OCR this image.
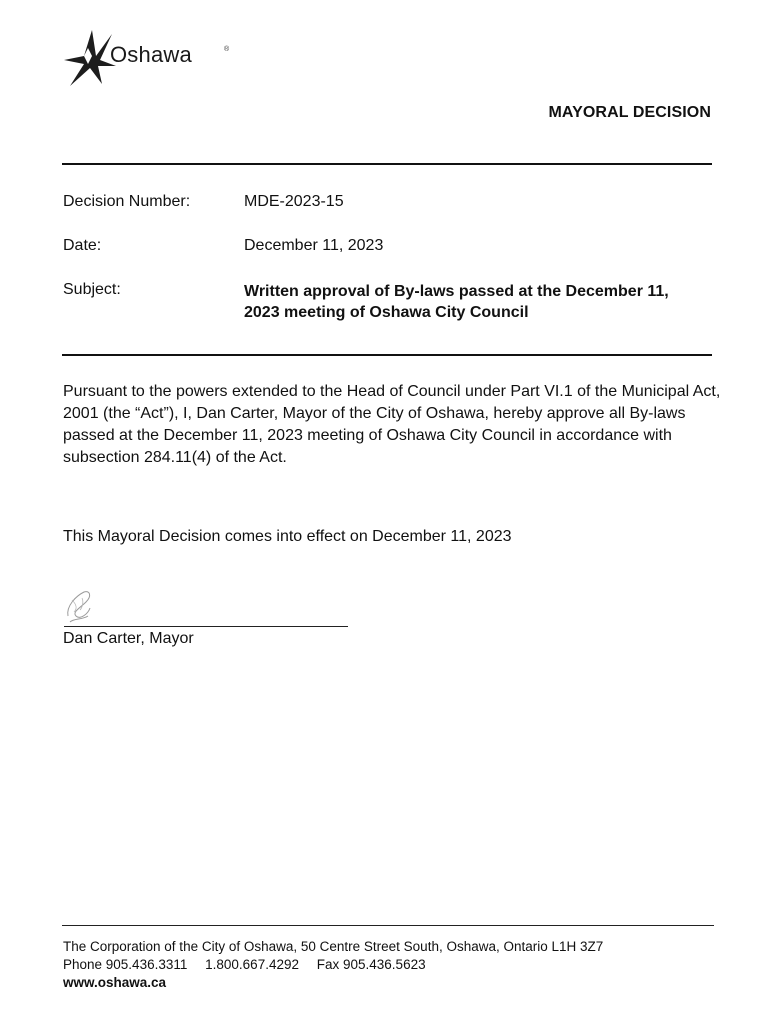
Oshawa	®
MAYORAL DECISION
Decision Number:	MDE-2023-15
Date:	December 11, 2023
Subject:	Written approval of By-laws passed at the December 11, 2023 meeting of Oshawa City Council
Pursuant to the powers extended to the Head of Council under Part VI.1 of the Municipal Act, 2001 (the “Act”), I, Dan Carter, Mayor of the City of Oshawa, hereby approve all By-laws passed at the December 11, 2023 meeting of Oshawa City Council in accordance with subsection 284.11(4) of the Act.
This Mayoral Decision comes into effect on December 11, 2023
Dan Carter, Mayor
The Corporation of the City of Oshawa, 50 Centre Street South, Oshawa, Ontario L1H 3Z7
Phone 905.436.3311 1.800.667.4292 Fax 905.436.5623
www.oshawa.ca
